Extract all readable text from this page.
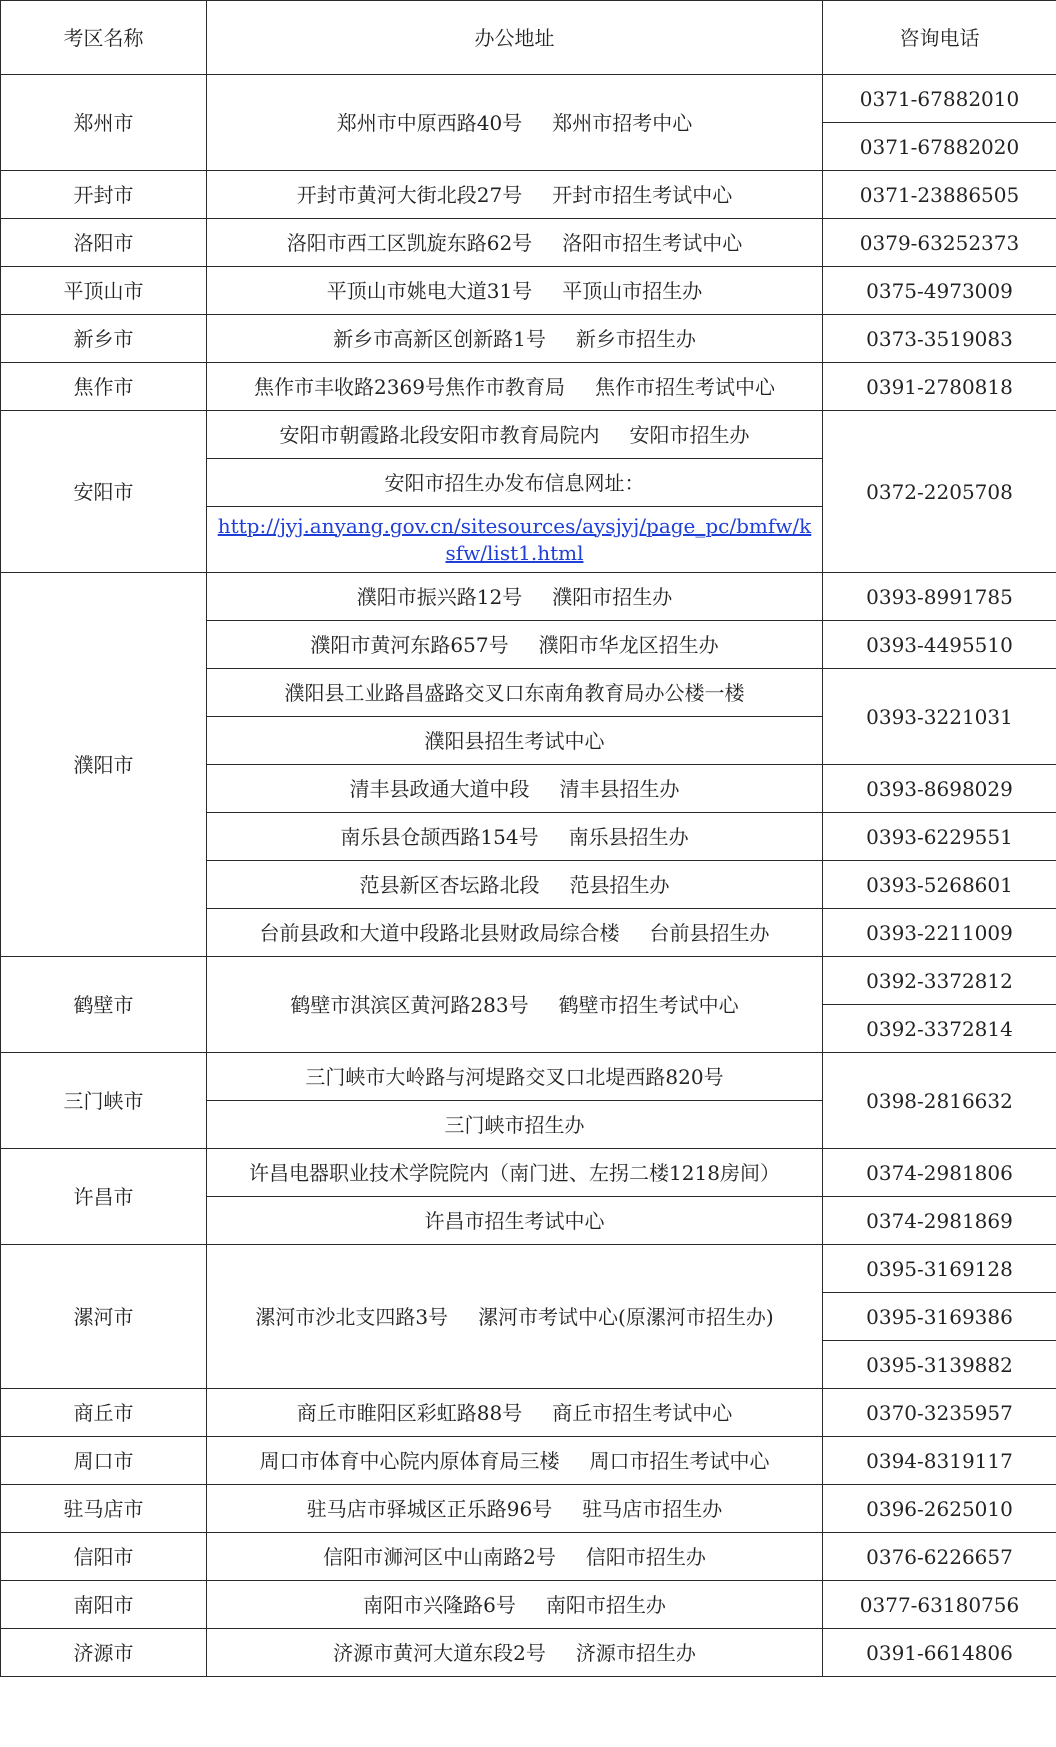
考区名称	办公地址	咨询电话
郑州市	郑州市中原西路40号 郑州市招考中心	0371-67882010
		0371-67882020
开封市	开封市黄河大街北段27号 开封市招生考试中心	0371-23886505
洛阳市	洛阳市西工区凯旋东路62号 洛阳市招生考试中心	0379-63252373
平顶山市	平顶山市姚电大道31号 平顶山市招生办	0375-4973009
新乡市	新乡市高新区创新路1号 新乡市招生办	0373-3519083
焦作市	焦作市丰收路2369号焦作市教育局 焦作市招生考试中心	0391-2780818
安阳市	安阳市朝霞路北段安阳市教育局院内 安阳市招生办	0372-2205708
	安阳市招生办发布信息网址：	
	http://jyj.anyang.gov.cn/sitesources/aysjyj/page_pc/bmfw/ksfw/list1.html	
濮阳市	濮阳市振兴路12号 濮阳市招生办	0393-8991785
	濮阳市黄河东路657号 濮阳市华龙区招生办	0393-4495510
	濮阳县工业路昌盛路交叉口东南角教育局办公楼一楼	0393-3221031
	濮阳县招生考试中心	
	清丰县政通大道中段 清丰县招生办	0393-8698029
	南乐县仓颉西路154号 南乐县招生办	0393-6229551
	范县新区杏坛路北段 范县招生办	0393-5268601
	台前县政和大道中段路北县财政局综合楼 台前县招生办	0393-2211009
鹤壁市	鹤壁市淇滨区黄河路283号 鹤壁市招生考试中心	0392-3372812
		0392-3372814
三门峡市	三门峡市大岭路与河堤路交叉口北堤西路820号	0398-2816632
	三门峡市招生办	
许昌市	许昌电器职业技术学院院内（南门进、左拐二楼1218房间）	0374-2981806
	许昌市招生考试中心	0374-2981869
漯河市	漯河市沙北支四路3号 漯河市考试中心(原漯河市招生办)	0395-3169128
		0395-3169386
		0395-3139882
商丘市	商丘市睢阳区彩虹路88号 商丘市招生考试中心	0370-3235957
周口市	周口市体育中心院内原体育局三楼 周口市招生考试中心	0394-8319117
驻马店市	驻马店市驿城区正乐路96号 驻马店市招生办	0396-2625010
信阳市	信阳市浉河区中山南路2号 信阳市招生办	0376-6226657
南阳市	南阳市兴隆路6号 南阳市招生办	0377-63180756
济源市	济源市黄河大道东段2号 济源市招生办	0391-6614806
